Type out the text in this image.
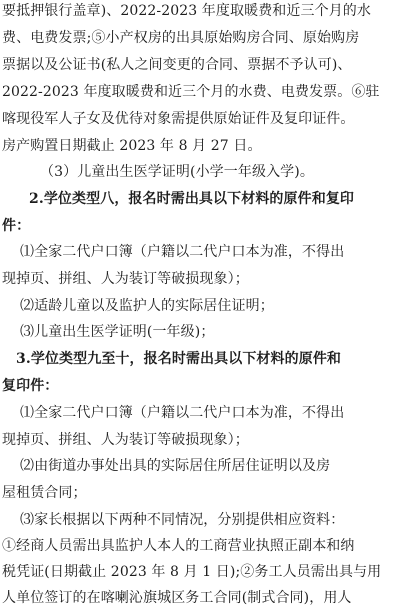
要抵押银行盖章)、2022-2023 年度取暖费和近三个月的水
费、电费发票;⑤小产权房的出具原始购房合同、原始购房
票据以及公证书(私人之间变更的合同、票据不予认可)、
2022-2023 年度取暖费和近三个月的水费、电费发票。⑥驻
喀现役军人子女及优待对象需提供原始证件及复印证件。
房产购置日期截止 2023 年 8 月 27 日。
（3）儿童出生医学证明(小学一年级入学)。
2.学位类型八，报名时需出具以下材料的原件和复印
件：
⑴全家二代户口簿（户籍以二代户口本为准，不得出
现掉页、拼组、人为装订等破损现象）；
⑵适龄儿童以及监护人的实际居住证明；
⑶儿童出生医学证明(一年级)；
3.学位类型九至十，报名时需出具以下材料的原件和
复印件：
⑴全家二代户口簿（户籍以二代户口本为准，不得出
现掉页、拼组、人为装订等破损现象）；
⑵由街道办事处出具的实际居住所居住证明以及房
屋租赁合同；
⑶家长根据以下两种不同情况，分别提供相应资料：
①经商人员需出具监护人本人的工商营业执照正副本和纳
税凭证(日期截止 2023 年 8 月 1 日);②务工人员需出具与用
人单位签订的在喀喇沁旗城区务工合同(制式合同)，用人
